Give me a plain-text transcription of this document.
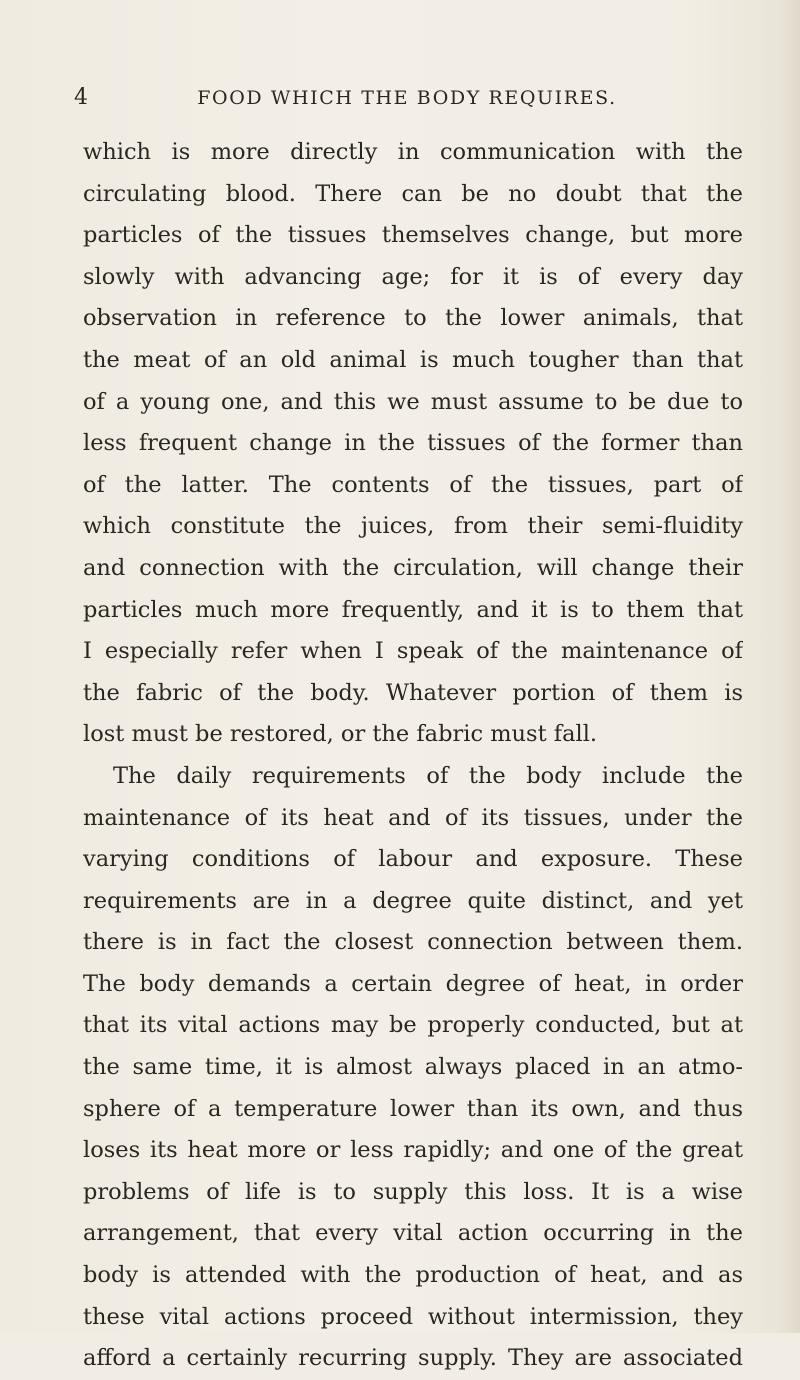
4	FOOD WHICH THE BODY REQUIRES.
which is more directly in communication with the
circulating blood. There can be no doubt that the
particles of the tissues themselves change, but more
slowly with advancing age; for it is of every day
observation in reference to the lower animals, that
the meat of an old animal is much tougher than that
of a young one, and this we must assume to be due to
less frequent change in the tissues of the former than
of the latter. The contents of the tissues, part of
which constitute the juices, from their semi-fluidity
and connection with the circulation, will change their
particles much more frequently, and it is to them that
I especially refer when I speak of the maintenance of
the fabric of the body. Whatever portion of them is
lost must be restored, or the fabric must fall.
The daily requirements of the body include the
maintenance of its heat and of its tissues, under the
varying conditions of labour and exposure. These
requirements are in a degree quite distinct, and yet
there is in fact the closest connection between them.
The body demands a certain degree of heat, in order
that its vital actions may be properly conducted, but at
the same time, it is almost always placed in an atmo-
sphere of a temperature lower than its own, and thus
loses its heat more or less rapidly; and one of the great
problems of life is to supply this loss. It is a wise
arrangement, that every vital action occurring in the
body is attended with the production of heat, and as
these vital actions proceed without intermission, they
afford a certainly recurring supply. They are associated
